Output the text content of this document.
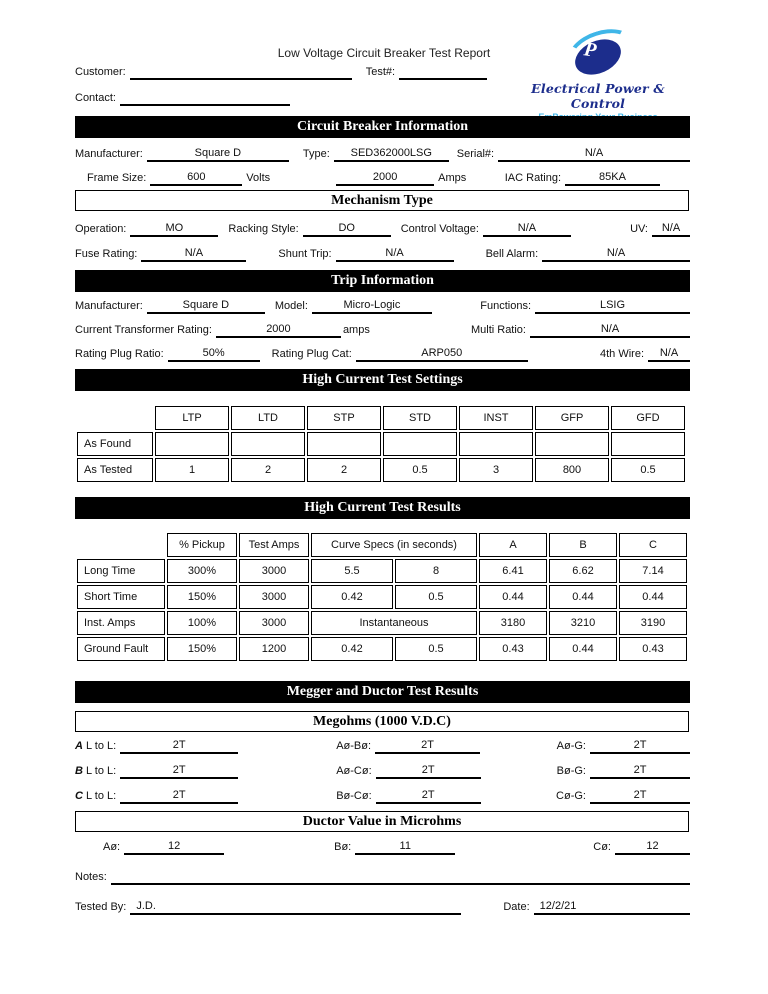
Low Voltage Circuit Breaker Test Report	P
Electrical Power & Control
Customer:	Test#:
Contact:
Circuit Breaker Information
Manufacturer:	Square D	Type:	SED362000LSG	Serial#:	N/A
Frame Size:	600	Volts	2000	Amps	IAC Rating:	85KA
Mechanism Type
Operation:	MO	Racking Style:	DO	Control Voltage:	N/A	UV:	N/A
Fuse Rating:	N/A	Shunt Trip:	N/A	Bell Alarm:	N/A
Trip Information
Manufacturer:	Square D	Model:	Micro-Logic	Functions:	LSIG
Current Transformer Rating:	2000	amps	Multi Ratio:	N/A
Rating Plug Ratio:	50%	Rating Plug Cat:	ARP050	4th Wire:	N/A
High Current Test Settings
	LTP	LTD	STP	STD	INST	GFP	GFD
As Found							
As Tested	1	2	2	0.5	3	800	0.5
High Current Test Results
	% Pickup	Test Amps	Curve Specs (in seconds)		A	B	C
Long Time	300%	3000	5.5	8	6.41	6.62	7.14
Short Time	150%	3000	0.42	0.5	0.44	0.44	0.44
Inst. Amps	100%	3000	Instantaneous		3180	3210	3190
Ground Fault	150%	1200	0.42	0.5	0.43	0.44	0.43
Megger and Ductor Test Results
Megohms (1000 V.D.C)
A L to L:	2T	Aø-Bø:	2T	Aø-G:	2T
B L to L:	2T	Aø-Cø:	2T	Bø-G:	2T
C L to L:	2T	Bø-Cø:	2T	Cø-G:	2T
Ductor Value in Microhms
Aø:	12	Bø:	11	Cø:	12
Notes:
Tested By: J.D.	Date: 12/2/21
